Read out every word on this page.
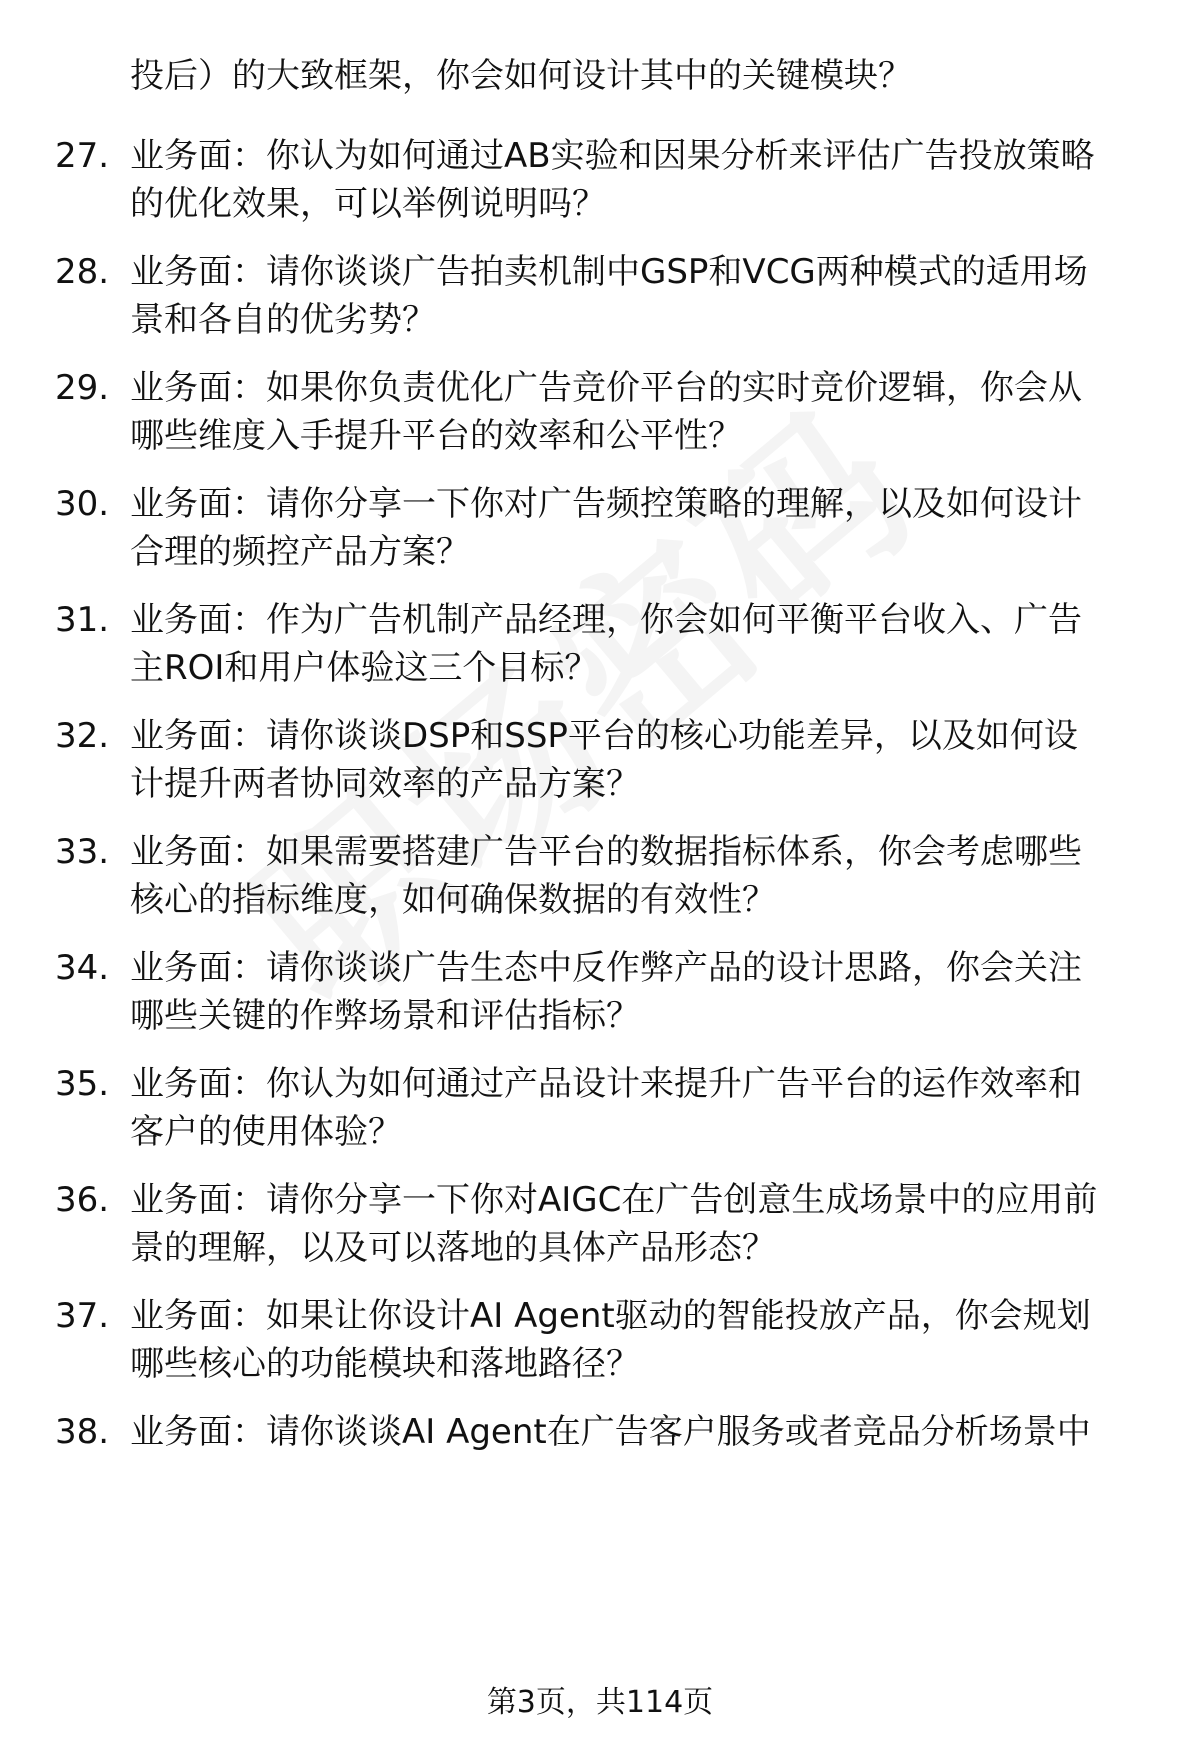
投后）的大致框架，你会如何设计其中的关键模块？
27. 业务面：你认为如何通过AB实验和因果分析来评估广告投放策略
的优化效果，可以举例说明吗？
28. 业务面：请你谈谈广告拍卖机制中GSP和VCG两种模式的适用场
景和各自的优劣势？
29. 业务面：如果你负责优化广告竞价平台的实时竞价逻辑，你会从
哪些维度入手提升平台的效率和公平性？
30. 业务面：请你分享一下你对广告频控策略的理解，以及如何设计
合理的频控产品方案？
31. 业务面：作为广告机制产品经理，你会如何平衡平台收入、广告
主ROI和用户体验这三个目标？
32. 业务面：请你谈谈DSP和SSP平台的核心功能差异，以及如何设
计提升两者协同效率的产品方案？
33. 业务面：如果需要搭建广告平台的数据指标体系，你会考虑哪些
核心的指标维度，如何确保数据的有效性？
34. 业务面：请你谈谈广告生态中反作弊产品的设计思路，你会关注
哪些关键的作弊场景和评估指标？
35. 业务面：你认为如何通过产品设计来提升广告平台的运作效率和
客户的使用体验？
36. 业务面：请你分享一下你对AIGC在广告创意生成场景中的应用前
景的理解，以及可以落地的具体产品形态？
37. 业务面：如果让你设计AI Agent驱动的智能投放产品，你会规划
哪些核心的功能模块和落地路径？
38. 业务面：请你谈谈AI Agent在广告客户服务或者竞品分析场景中
第3页，共114页
